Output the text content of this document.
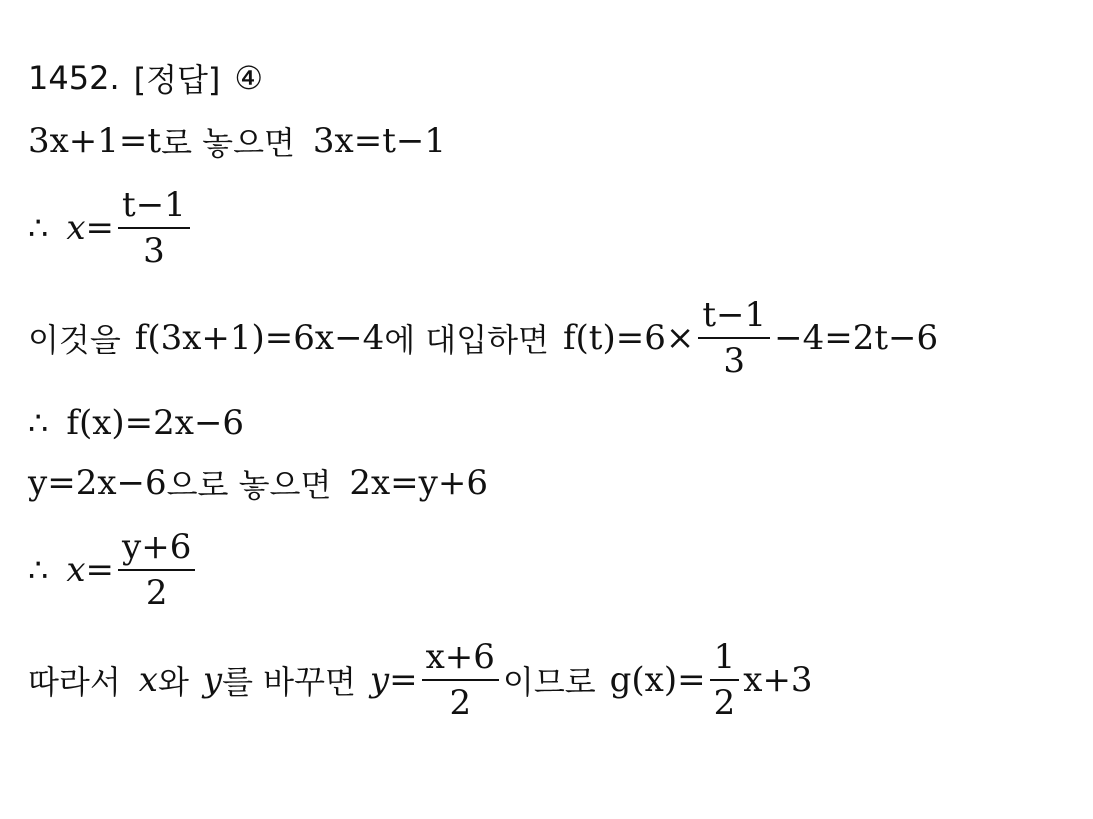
1452. [정답] ④
3x+1=t 로 놓으면 3x=t−1
∴ $x= \frac{t-1}{3}$
이것을 f(3x+1)=6x−4 에 대입하면 $f(t)=6\times \frac{t-1}{3} -4=2t-6$
∴ f(x)=2x−6
y=2x−6 으로 놓으면 2x=y+6
∴ $x= \frac{y+6}{2}$
따라서 x 와 y 를 바꾸면 $y= \frac{x+6}{2}$ 이므로 $g(x)= \frac{1}{2} x+3$
